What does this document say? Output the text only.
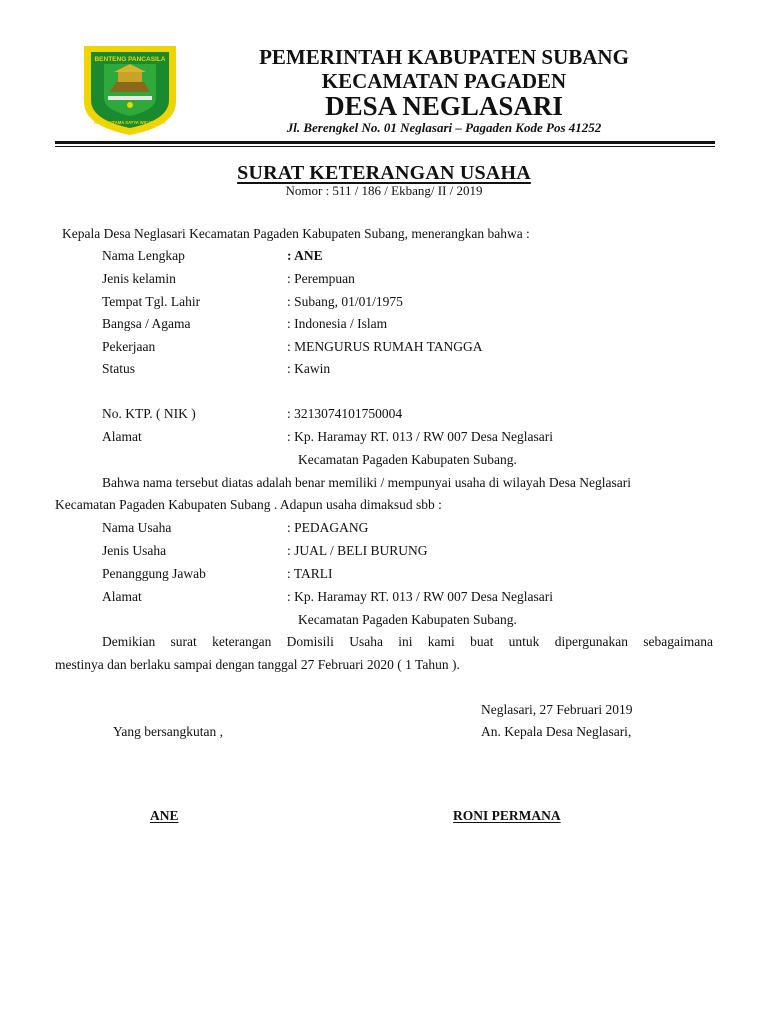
BENTENG PANCASILA
KARYA UTAMA SATYA WICAKSANA
PEMERINTAH KABUPATEN SUBANG
KECAMATAN PAGADEN
DESA NEGLASARI
Jl. Berengkel No. 01 Neglasari – Pagaden Kode Pos 41252
SURAT KETERANGAN USAHA
Nomor : 511 / 186 / Ekbang/ II / 2019
Kepala Desa Neglasari Kecamatan Pagaden Kabupaten Subang, menerangkan bahwa :
Nama Lengkap	: ANE
Jenis kelamin	: Perempuan
Tempat Tgl. Lahir	: Subang, 01/01/1975
Bangsa / Agama	: Indonesia / Islam
Pekerjaan	: MENGURUS RUMAH TANGGA
Status	: Kawin
No. KTP. ( NIK )	: 3213074101750004
Alamat	: Kp. Haramay RT. 013 / RW 007 Desa Neglasari
Kecamatan Pagaden Kabupaten Subang.
Bahwa nama tersebut diatas adalah benar memiliki / mempunyai usaha di wilayah Desa Neglasari
Kecamatan Pagaden Kabupaten Subang . Adapun usaha dimaksud sbb :
Nama Usaha	: PEDAGANG
Jenis Usaha	: JUAL / BELI BURUNG
Penanggung Jawab	: TARLI
Alamat	: Kp. Haramay RT. 013 / RW 007 Desa Neglasari
Kecamatan Pagaden Kabupaten Subang.
Demikian surat keterangan Domisili Usaha ini kami buat untuk dipergunakan sebagaimana
mestinya dan berlaku sampai dengan tanggal 27 Februari 2020 ( 1 Tahun ).
Neglasari, 27 Februari 2019
Yang bersangkutan ,	An. Kepala Desa Neglasari,
ANE	RONI PERMANA
